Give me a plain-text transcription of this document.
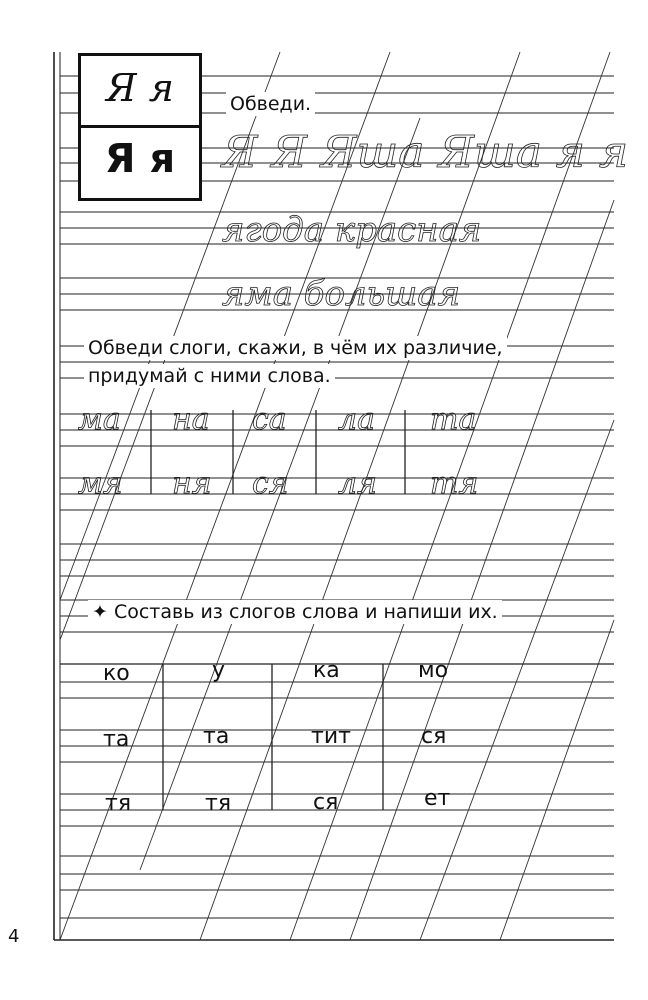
Я я
Я я
Обведи.
Я Я Яша Яша я я
ягода красная
яма большая
Обведи слоги, скажи, в чём их различие,
придумай с ними слова.
ма на са ла та
мя ня ся ля тя
✦ Составь из слогов слова и напиши их.
ко	у	ка	мо
та	та	тит	ся
тя	тя	ся	ет
4
